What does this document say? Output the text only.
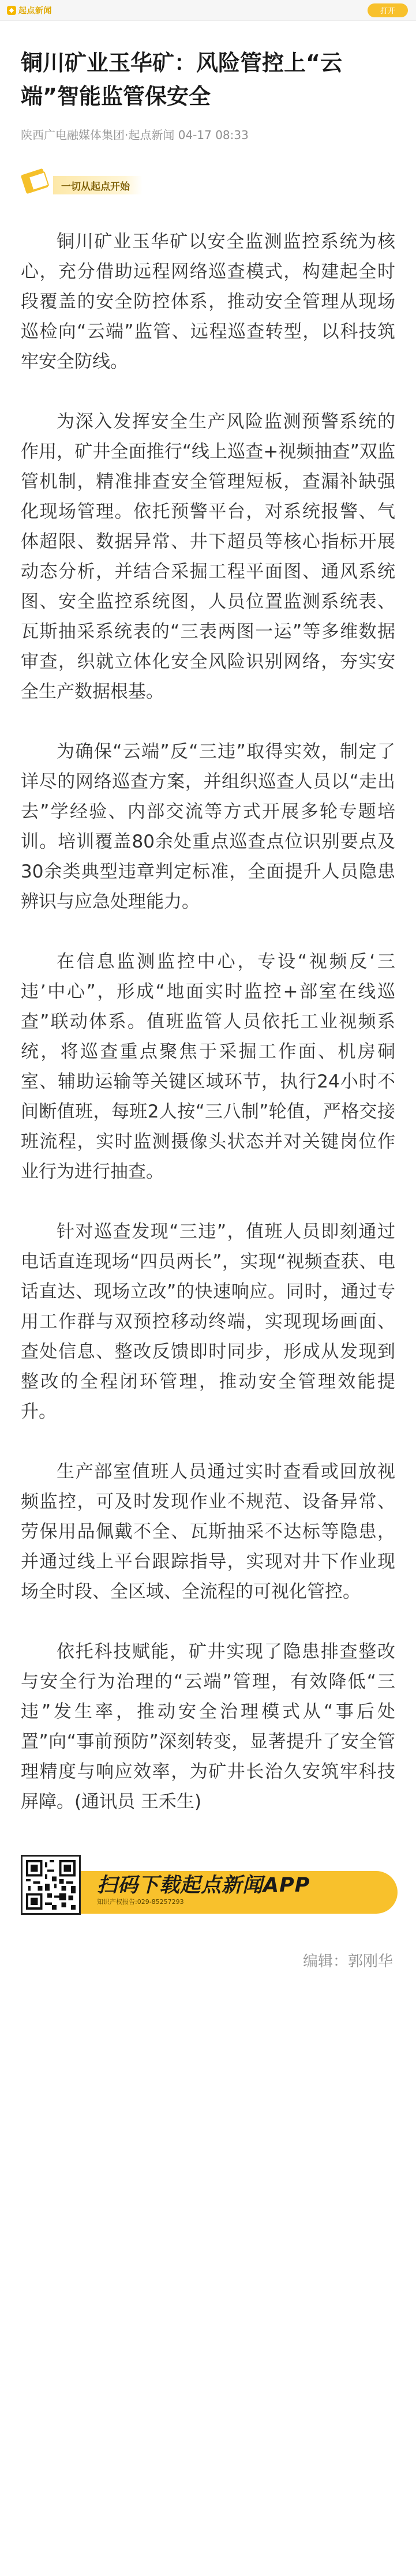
◆ 起点新闻	打开
铜川矿业玉华矿：风险管控上“云端”智能监管保安全
陕西广电融媒体集团·起点新闻 04-17 08:33
一切从起点开始

铜川矿业玉华矿以安全监测监控系统为核心，充分借助远程网络巡查模式，构建起全时段覆盖的安全防控体系，推动安全管理从现场巡检向“云端”监管、远程巡查转型，以科技筑牢安全防线。

为深入发挥安全生产风险监测预警系统的作用，矿井全面推行“线上巡查+视频抽查”双监管机制，精准排查安全管理短板，查漏补缺强化现场管理。依托预警平台，对系统报警、气体超限、数据异常、井下超员等核心指标开展动态分析，并结合采掘工程平面图、通风系统图、安全监控系统图，人员位置监测系统表、瓦斯抽采系统表的“三表两图一运”等多维数据审查，织就立体化安全风险识别网络，夯实安全生产数据根基。

为确保“云端”反“三违”取得实效，制定了详尽的网络巡查方案，并组织巡查人员以“走出去”学经验、内部交流等方式开展多轮专题培训。培训覆盖80余处重点巡查点位识别要点及30余类典型违章判定标准，全面提升人员隐患辨识与应急处理能力。

在信息监测监控中心，专设“视频反‘三违’中心”，形成“地面实时监控+部室在线巡查”联动体系。值班监管人员依托工业视频系统，将巡查重点聚焦于采掘工作面、机房硐室、辅助运输等关键区域环节，执行24小时不间断值班，每班2人按“三八制”轮值，严格交接班流程，实时监测摄像头状态并对关键岗位作业行为进行抽查。

针对巡查发现“三违”，值班人员即刻通过电话直连现场“四员两长”，实现“视频查获、电话直达、现场立改”的快速响应。同时，通过专用工作群与双预控移动终端，实现现场画面、查处信息、整改反馈即时同步，形成从发现到整改的全程闭环管理，推动安全管理效能提升。

生产部室值班人员通过实时查看或回放视频监控，可及时发现作业不规范、设备异常、劳保用品佩戴不全、瓦斯抽采不达标等隐患，并通过线上平台跟踪指导，实现对井下作业现场全时段、全区域、全流程的可视化管控。

依托科技赋能，矿井实现了隐患排查整改与安全行为治理的“云端”管理，有效降低“三违”发生率，推动安全治理模式从“事后处置”向“事前预防”深刻转变，显著提升了安全管理精度与响应效率，为矿井长治久安筑牢科技屏障。(通讯员 王禾生)

扫码下载起点新闻APP
知识产权报告:029-85257293
编辑：郭刚华
